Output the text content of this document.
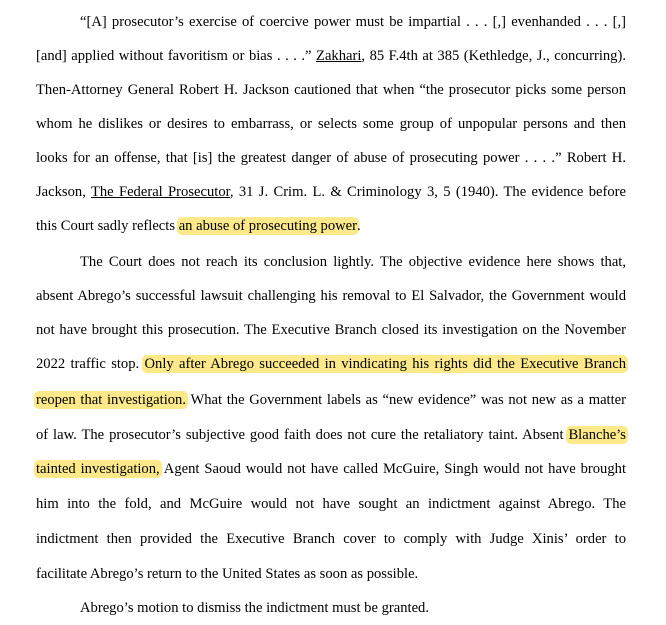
“[A] prosecutor’s exercise of coercive power must be impartial . . . [,] evenhanded . . . [,]
[and] applied without favoritism or bias . . . .” Zakhari, 85 F.4th at 385 (Kethledge, J., concurring).
Then-Attorney General Robert H. Jackson cautioned that when “the prosecutor picks some person
whom he dislikes or desires to embarrass, or selects some group of unpopular persons and then
looks for an offense, that [is] the greatest danger of abuse of prosecuting power . . . .” Robert H.
Jackson, The Federal Prosecutor, 31 J. Crim. L. & Criminology 3, 5 (1940). The evidence before
this Court sadly reflects an abuse of prosecuting power.
The Court does not reach its conclusion lightly. The objective evidence here shows that,
absent Abrego’s successful lawsuit challenging his removal to El Salvador, the Government would
not have brought this prosecution. The Executive Branch closed its investigation on the November
2022 traffic stop. Only after Abrego succeeded in vindicating his rights did the Executive Branch
reopen that investigation. What the Government labels as “new evidence” was not new as a matter
of law. The prosecutor’s subjective good faith does not cure the retaliatory taint. Absent Blanche’s
tainted investigation, Agent Saoud would not have called McGuire, Singh would not have brought
him into the fold, and McGuire would not have sought an indictment against Abrego. The
indictment then provided the Executive Branch cover to comply with Judge Xinis’ order to
facilitate Abrego’s return to the United States as soon as possible.
Abrego’s motion to dismiss the indictment must be granted.
